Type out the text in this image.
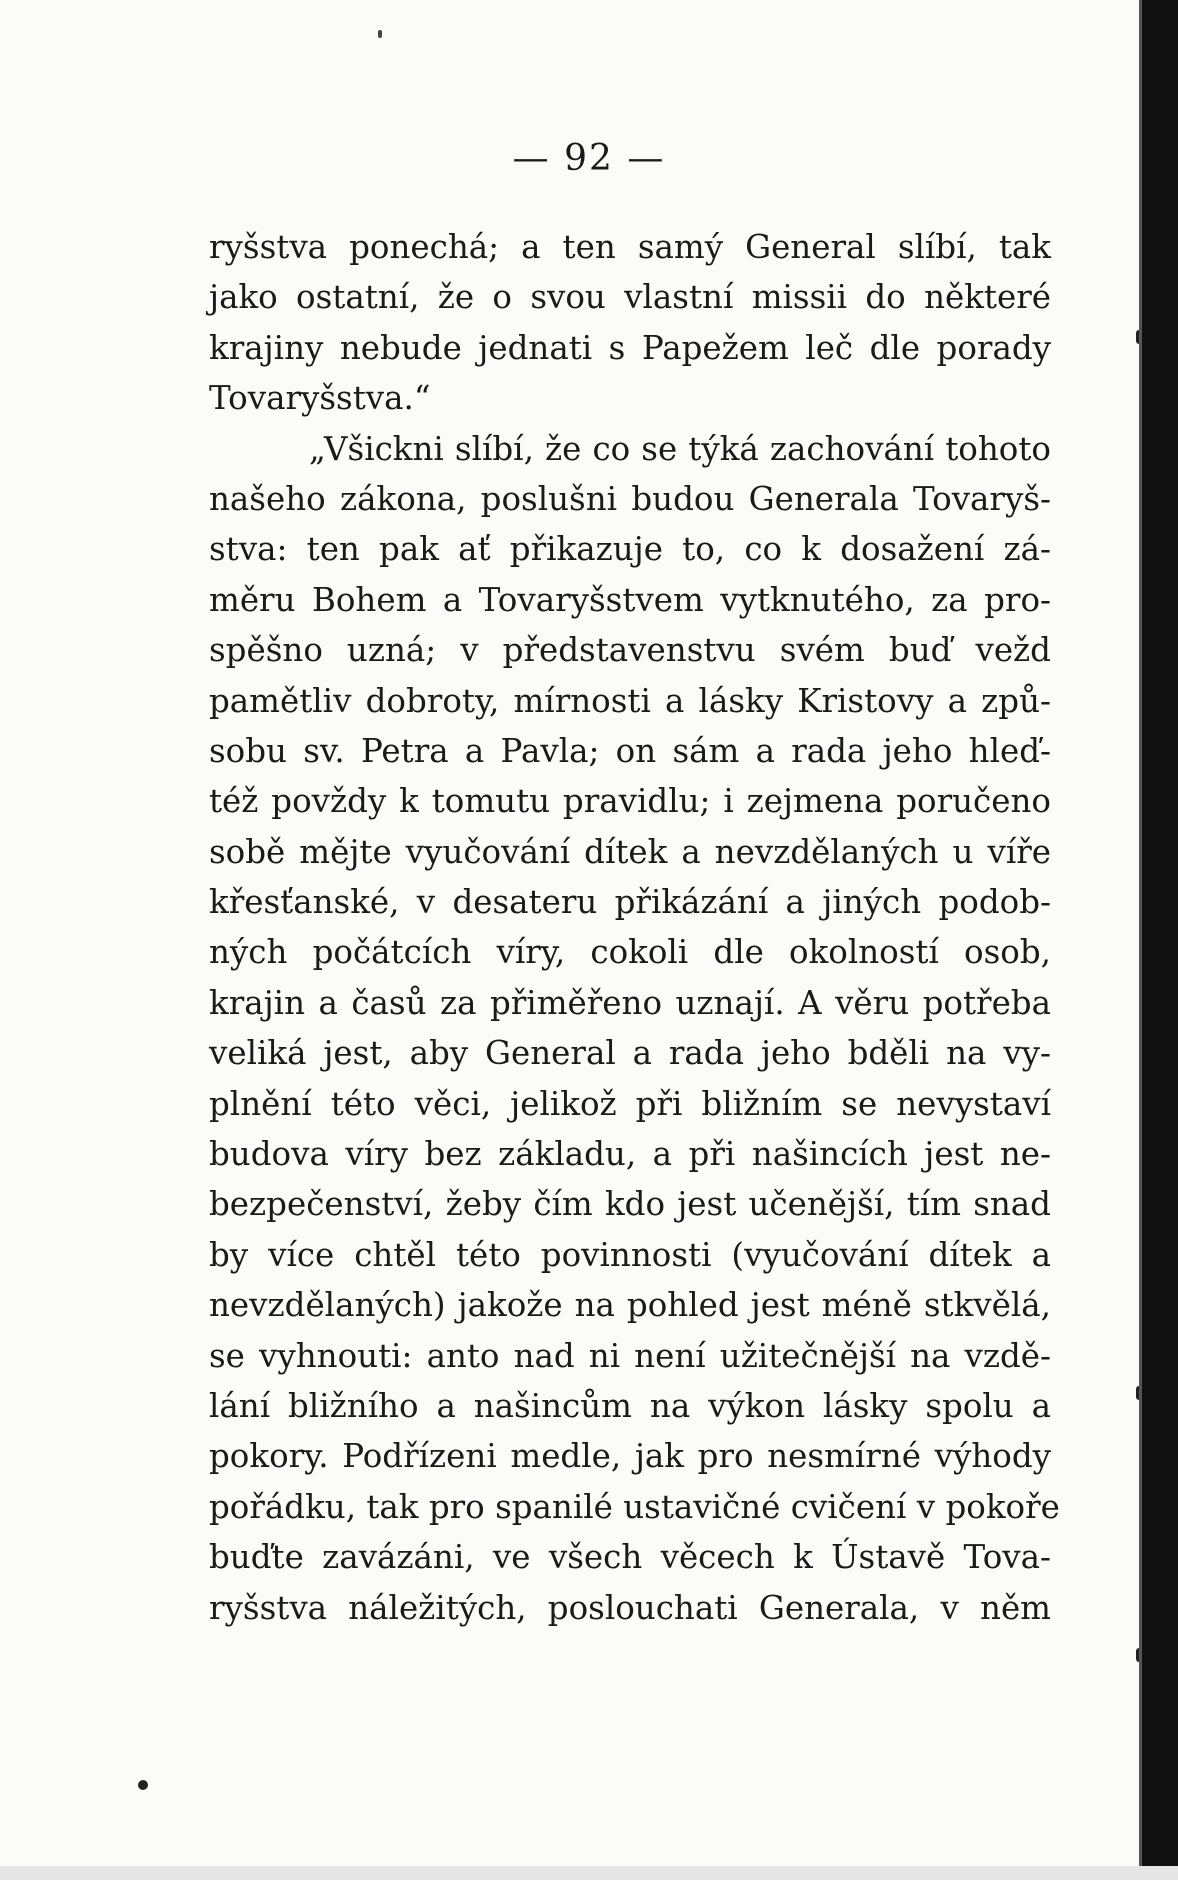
— 92 —
ryšstva ponechá; a ten samý General slíbí, tak
jako ostatní, že o svou vlastní missii do některé
krajiny nebude jednati s Papežem leč dle porady
Tovaryšstva.“
„Všickni slíbí, že co se týká zachování tohoto
našeho zákona, poslušni budou Generala Tovaryš-
stva: ten pak ať přikazuje to, co k dosažení zá-
měru Bohem a Tovaryšstvem vytknutého, za pro-
spěšno uzná; v představenstvu svém buď vežd
pamětliv dobroty, mírnosti a lásky Kristovy a způ-
sobu sv. Petra a Pavla; on sám a rada jeho hleď-
též povždy k tomutu pravidlu; i zejmena poručeno
sobě mějte vyučování dítek a nevzdělaných u víře
křesťanské, v desateru přikázání a jiných podob-
ných počátcích víry, cokoli dle okolností osob,
krajin a časů za přiměřeno uznají. A věru potřeba
veliká jest, aby General a rada jeho bděli na vy-
plnění této věci, jelikož při bližním se nevystaví
budova víry bez základu, a při našincích jest ne-
bezpečenství, žeby čím kdo jest učenější, tím snad
by více chtěl této povinnosti (vyučování dítek a
nevzdělaných) jakože na pohled jest méně stkvělá,
se vyhnouti: anto nad ni není užitečnější na vzdě-
lání bližního a našincům na výkon lásky spolu a
pokory. Podřízeni medle, jak pro nesmírné výhody
pořádku, tak pro spanilé ustavičné cvičení v pokoře
buďte zavázáni, ve všech věcech k Ústavě Tova-
ryšstva náležitých, poslouchati Generala, v něm
